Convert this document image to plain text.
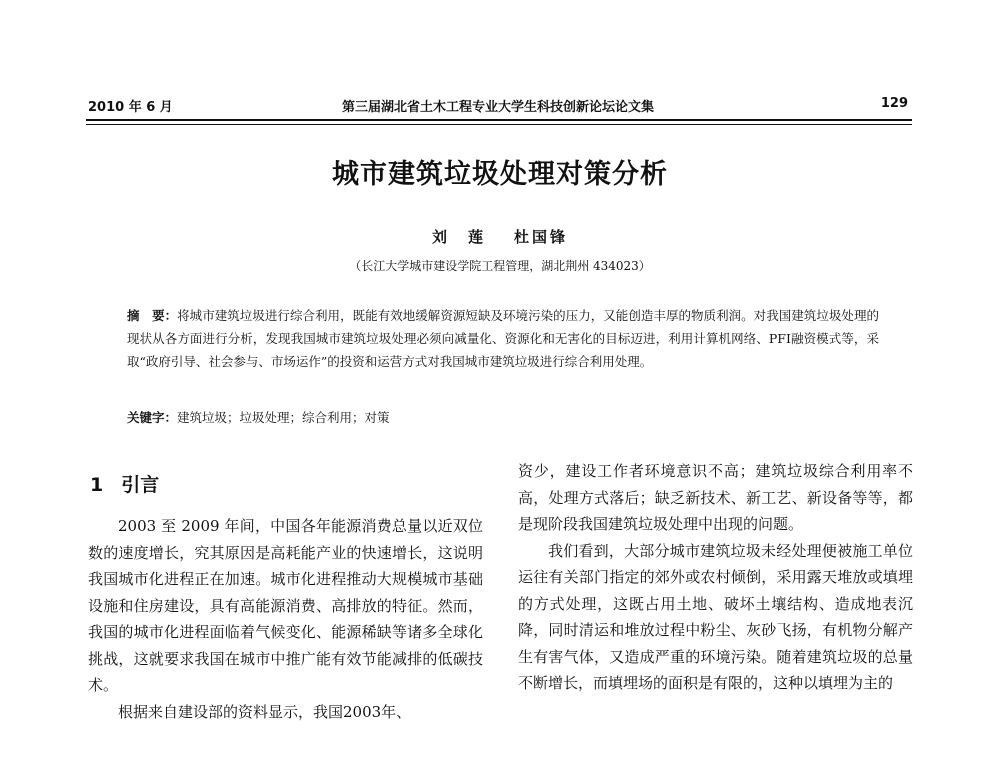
2010 年 6 月	第三届湖北省土木工程专业大学生科技创新论坛论文集	129
城市建筑垃圾处理对策分析
刘　莲 杜国锋
（长江大学城市建设学院工程管理，湖北荆州 434023）
摘　要：将城市建筑垃圾进行综合利用，既能有效地缓解资源短缺及环境污染的压力，又能创造丰厚的物质利润。对我国建筑垃圾处理的现状从各方面进行分析，发现我国城市建筑垃圾处理必须向减量化、资源化和无害化的目标迈进，利用计算机网络、PFI融资模式等，采取“政府引导、社会参与、市场运作”的投资和运营方式对我国城市建筑垃圾进行综合利用处理。
关键字：建筑垃圾；垃圾处理；综合利用；对策
1 引言

2003 至 2009 年间，中国各年能源消费总量以近双位数的速度增长，究其原因是高耗能产业的快速增长，这说明我国城市化进程正在加速。城市化进程推动大规模城市基础设施和住房建设，具有高能源消费、高排放的特征。然而，我国的城市化进程面临着气候变化、能源稀缺等诸多全球化挑战，这就要求我国在城市中推广能有效节能减排的低碳技术。

根据来自建设部的资料显示，我国2003年、

资少，建设工作者环境意识不高；建筑垃圾综合利用率不高，处理方式落后；缺乏新技术、新工艺、新设备等等，都是现阶段我国建筑垃圾处理中出现的问题。

我们看到，大部分城市建筑垃圾未经处理便被施工单位运往有关部门指定的郊外或农村倾倒，采用露天堆放或填埋的方式处理，这既占用土地、破坏土壤结构、造成地表沉降，同时清运和堆放过程中粉尘、灰砂飞扬，有机物分解产生有害气体，又造成严重的环境污染。随着建筑垃圾的总量不断增长，而填埋场的面积是有限的，这种以填埋为主的
